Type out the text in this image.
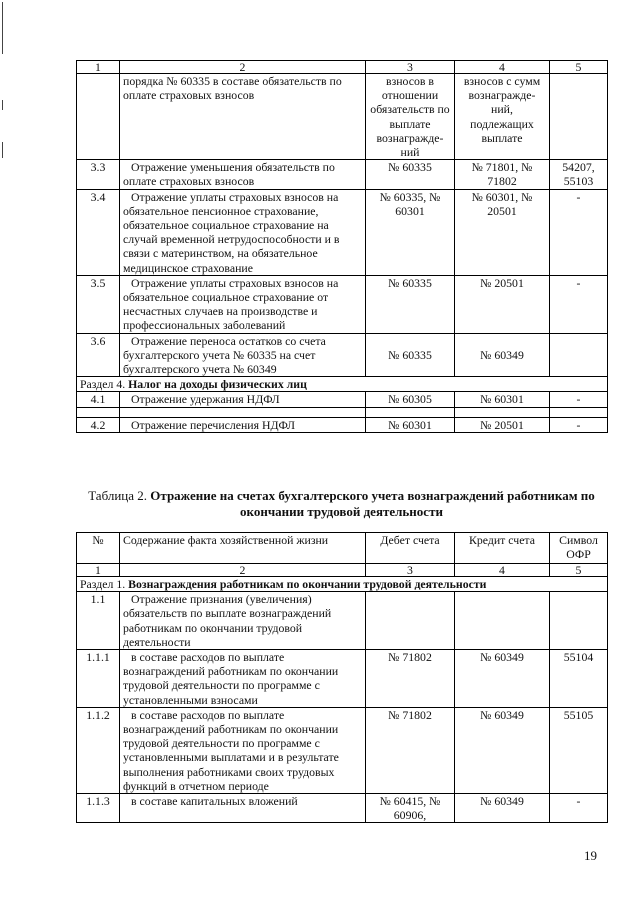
1	2	3	4	5
	порядка № 60335 в составе обязательств по оплате страховых взносов	взносов в отношении обязательств по выплате вознагражде-ний	взносов с сумм вознагражде-ний, подлежащих выплате	
3.3	Отражение уменьшения обязательств по оплате страховых взносов	№ 60335	№ 71801, № 71802	54207, 55103
3.4	Отражение уплаты страховых взносов на обязательное пенсионное страхование, обязательное социальное страхование на случай временной нетрудоспособности и в связи с материнством, на обязательное медицинское страхование	№ 60335, № 60301	№ 60301, № 20501	-
3.5	Отражение уплаты страховых взносов на обязательное социальное страхование от несчастных случаев на производстве и профессиональных заболеваний	№ 60335	№ 20501	-
3.6	Отражение переноса остатков со счета бухгалтерского учета № 60335 на счет бухгалтерского учета № 60349	№ 60335	№ 60349	
Раздел 4. Налог на доходы физических лиц				
4.1	Отражение удержания НДФЛ	№ 60305	№ 60301	-

4.2	Отражение перечисления НДФЛ	№ 60301	№ 20501	-
Таблица 2. Отражение на счетах бухгалтерского учета вознаграждений работникам по окончании трудовой деятельности
№	Содержание факта хозяйственной жизни	Дебет счета	Кредит счета	Символ ОФР
1	2	3	4	5
Раздел 1. Вознаграждения работникам по окончании трудовой деятельности				
1.1	Отражение признания (увеличения) обязательств по выплате вознаграждений работникам по окончании трудовой деятельности			
1.1.1	в составе расходов по выплате вознаграждений работникам по окончании трудовой деятельности по программе с установленными взносами	№ 71802	№ 60349	55104
1.1.2	в составе расходов по выплате вознаграждений работникам по окончании трудовой деятельности по программе с установленными выплатами и в результате выполнения работниками своих трудовых функций в отчетном периоде	№ 71802	№ 60349	55105
1.1.3	в составе капитальных вложений	№ 60415, № 60906,	№ 60349	-
19
